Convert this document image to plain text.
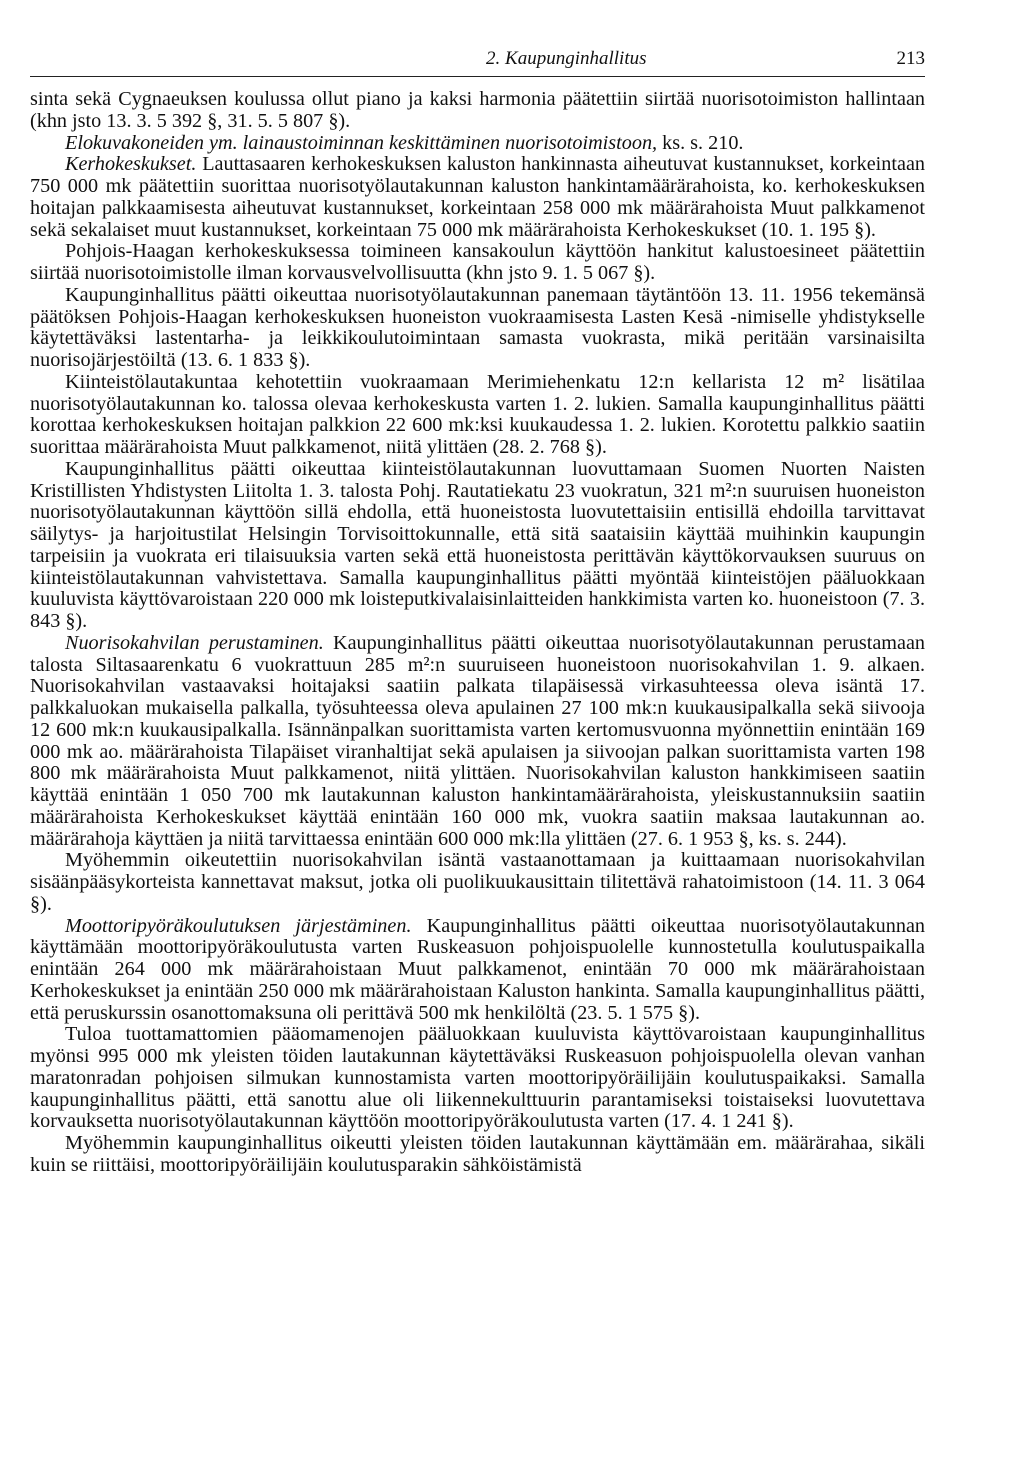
2. Kaupunginhallitus	213

sinta sekä Cygnaeuksen koulussa ollut piano ja kaksi harmonia päätettiin siirtää nuorisotoimiston hallintaan (khn jsto 13. 3. 5 392 §, 31. 5. 5 807 §).

Elokuvakoneiden ym. lainaustoiminnan keskittäminen nuorisotoimistoon, ks. s. 210.

Kerhokeskukset. Lauttasaaren kerhokeskuksen kaluston hankinnasta aiheutuvat kustannukset, korkeintaan 750 000 mk päätettiin suorittaa nuorisotyölautakunnan kaluston hankintamäärärahoista, ko. kerhokeskuksen hoitajan palkkaamisesta aiheutuvat kustannukset, korkeintaan 258 000 mk määrärahoista Muut palkkamenot sekä sekalaiset muut kustannukset, korkeintaan 75 000 mk määrärahoista Kerhokeskukset (10. 1. 195 §).

Pohjois-Haagan kerhokeskuksessa toimineen kansakoulun käyttöön hankitut kalustoesineet päätettiin siirtää nuorisotoimistolle ilman korvausvelvollisuutta (khn jsto 9. 1. 5 067 §).

Kaupunginhallitus päätti oikeuttaa nuorisotyölautakunnan panemaan täytäntöön 13. 11. 1956 tekemänsä päätöksen Pohjois-Haagan kerhokeskuksen huoneiston vuokraamisesta Lasten Kesä -nimiselle yhdistykselle käytettäväksi lastentarha- ja leikkikoulutoimintaan samasta vuokrasta, mikä peritään varsinaisilta nuorisojärjestöiltä (13. 6. 1 833 §).

Kiinteistölautakuntaa kehotettiin vuokraamaan Merimiehenkatu 12:n kellarista 12 m² lisätilaa nuorisotyölautakunnan ko. talossa olevaa kerhokeskusta varten 1. 2. lukien. Samalla kaupunginhallitus päätti korottaa kerhokeskuksen hoitajan palkkion 22 600 mk:ksi kuukaudessa 1. 2. lukien. Korotettu palkkio saatiin suorittaa määrärahoista Muut palkkamenot, niitä ylittäen (28. 2. 768 §).

Kaupunginhallitus päätti oikeuttaa kiinteistölautakunnan luovuttamaan Suomen Nuorten Naisten Kristillisten Yhdistysten Liitolta 1. 3. talosta Pohj. Rautatiekatu 23 vuokratun, 321 m²:n suuruisen huoneiston nuorisotyölautakunnan käyttöön sillä ehdolla, että huoneistosta luovutettaisiin entisillä ehdoilla tarvittavat säilytys- ja harjoitustilat Helsingin Torvisoittokunnalle, että sitä saataisiin käyttää muihinkin kaupungin tarpeisiin ja vuokrata eri tilaisuuksia varten sekä että huoneistosta perittävän käyttökorvauksen suuruus on kiinteistölautakunnan vahvistettava. Samalla kaupunginhallitus päätti myöntää kiinteistöjen pääluokkaan kuuluvista käyttövaroistaan 220 000 mk loisteputkivalaisinlaitteiden hankkimista varten ko. huoneistoon (7. 3. 843 §).

Nuorisokahvilan perustaminen. Kaupunginhallitus päätti oikeuttaa nuorisotyölautakunnan perustamaan talosta Siltasaarenkatu 6 vuokrattuun 285 m²:n suuruiseen huoneistoon nuorisokahvilan 1. 9. alkaen. Nuorisokahvilan vastaavaksi hoitajaksi saatiin palkata tilapäisessä virkasuhteessa oleva isäntä 17. palkkaluokan mukaisella palkalla, työsuhteessa oleva apulainen 27 100 mk:n kuukausipalkalla sekä siivooja 12 600 mk:n kuukausipalkalla. Isännänpalkan suorittamista varten kertomusvuonna myönnettiin enintään 169 000 mk ao. määrärahoista Tilapäiset viranhaltijat sekä apulaisen ja siivoojan palkan suorittamista varten 198 800 mk määrärahoista Muut palkkamenot, niitä ylittäen. Nuorisokahvilan kaluston hankkimiseen saatiin käyttää enintään 1 050 700 mk lautakunnan kaluston hankintamäärärahoista, yleiskustannuksiin saatiin määrärahoista Kerhokeskukset käyttää enintään 160 000 mk, vuokra saatiin maksaa lautakunnan ao. määrärahoja käyttäen ja niitä tarvittaessa enintään 600 000 mk:lla ylittäen (27. 6. 1 953 §, ks. s. 244).

Myöhemmin oikeutettiin nuorisokahvilan isäntä vastaanottamaan ja kuittaamaan nuorisokahvilan sisäänpääsykorteista kannettavat maksut, jotka oli puolikuukausittain tilitettävä rahatoimistoon (14. 11. 3 064 §).

Moottoripyöräkoulutuksen järjestäminen. Kaupunginhallitus päätti oikeuttaa nuorisotyölautakunnan käyttämään moottoripyöräkoulutusta varten Ruskeasuon pohjoispuolelle kunnostetulla koulutuspaikalla enintään 264 000 mk määrärahoistaan Muut palkkamenot, enintään 70 000 mk määrärahoistaan Kerhokeskukset ja enintään 250 000 mk määrärahoistaan Kaluston hankinta. Samalla kaupunginhallitus päätti, että peruskurssin osanottomaksuna oli perittävä 500 mk henkilöltä (23. 5. 1 575 §).

Tuloa tuottamattomien pääomamenojen pääluokkaan kuuluvista käyttövaroistaan kaupunginhallitus myönsi 995 000 mk yleisten töiden lautakunnan käytettäväksi Ruskeasuon pohjoispuolella olevan vanhan maratonradan pohjoisen silmukan kunnostamista varten moottoripyöräilijäin koulutuspaikaksi. Samalla kaupunginhallitus päätti, että sanottu alue oli liikennekulttuurin parantamiseksi toistaiseksi luovutettava korvauksetta nuorisotyölautakunnan käyttöön moottoripyöräkoulutusta varten (17. 4. 1 241 §).

Myöhemmin kaupunginhallitus oikeutti yleisten töiden lautakunnan käyttämään em. määrärahaa, sikäli kuin se riittäisi, moottoripyöräilijäin koulutusparakin sähköistämistä
